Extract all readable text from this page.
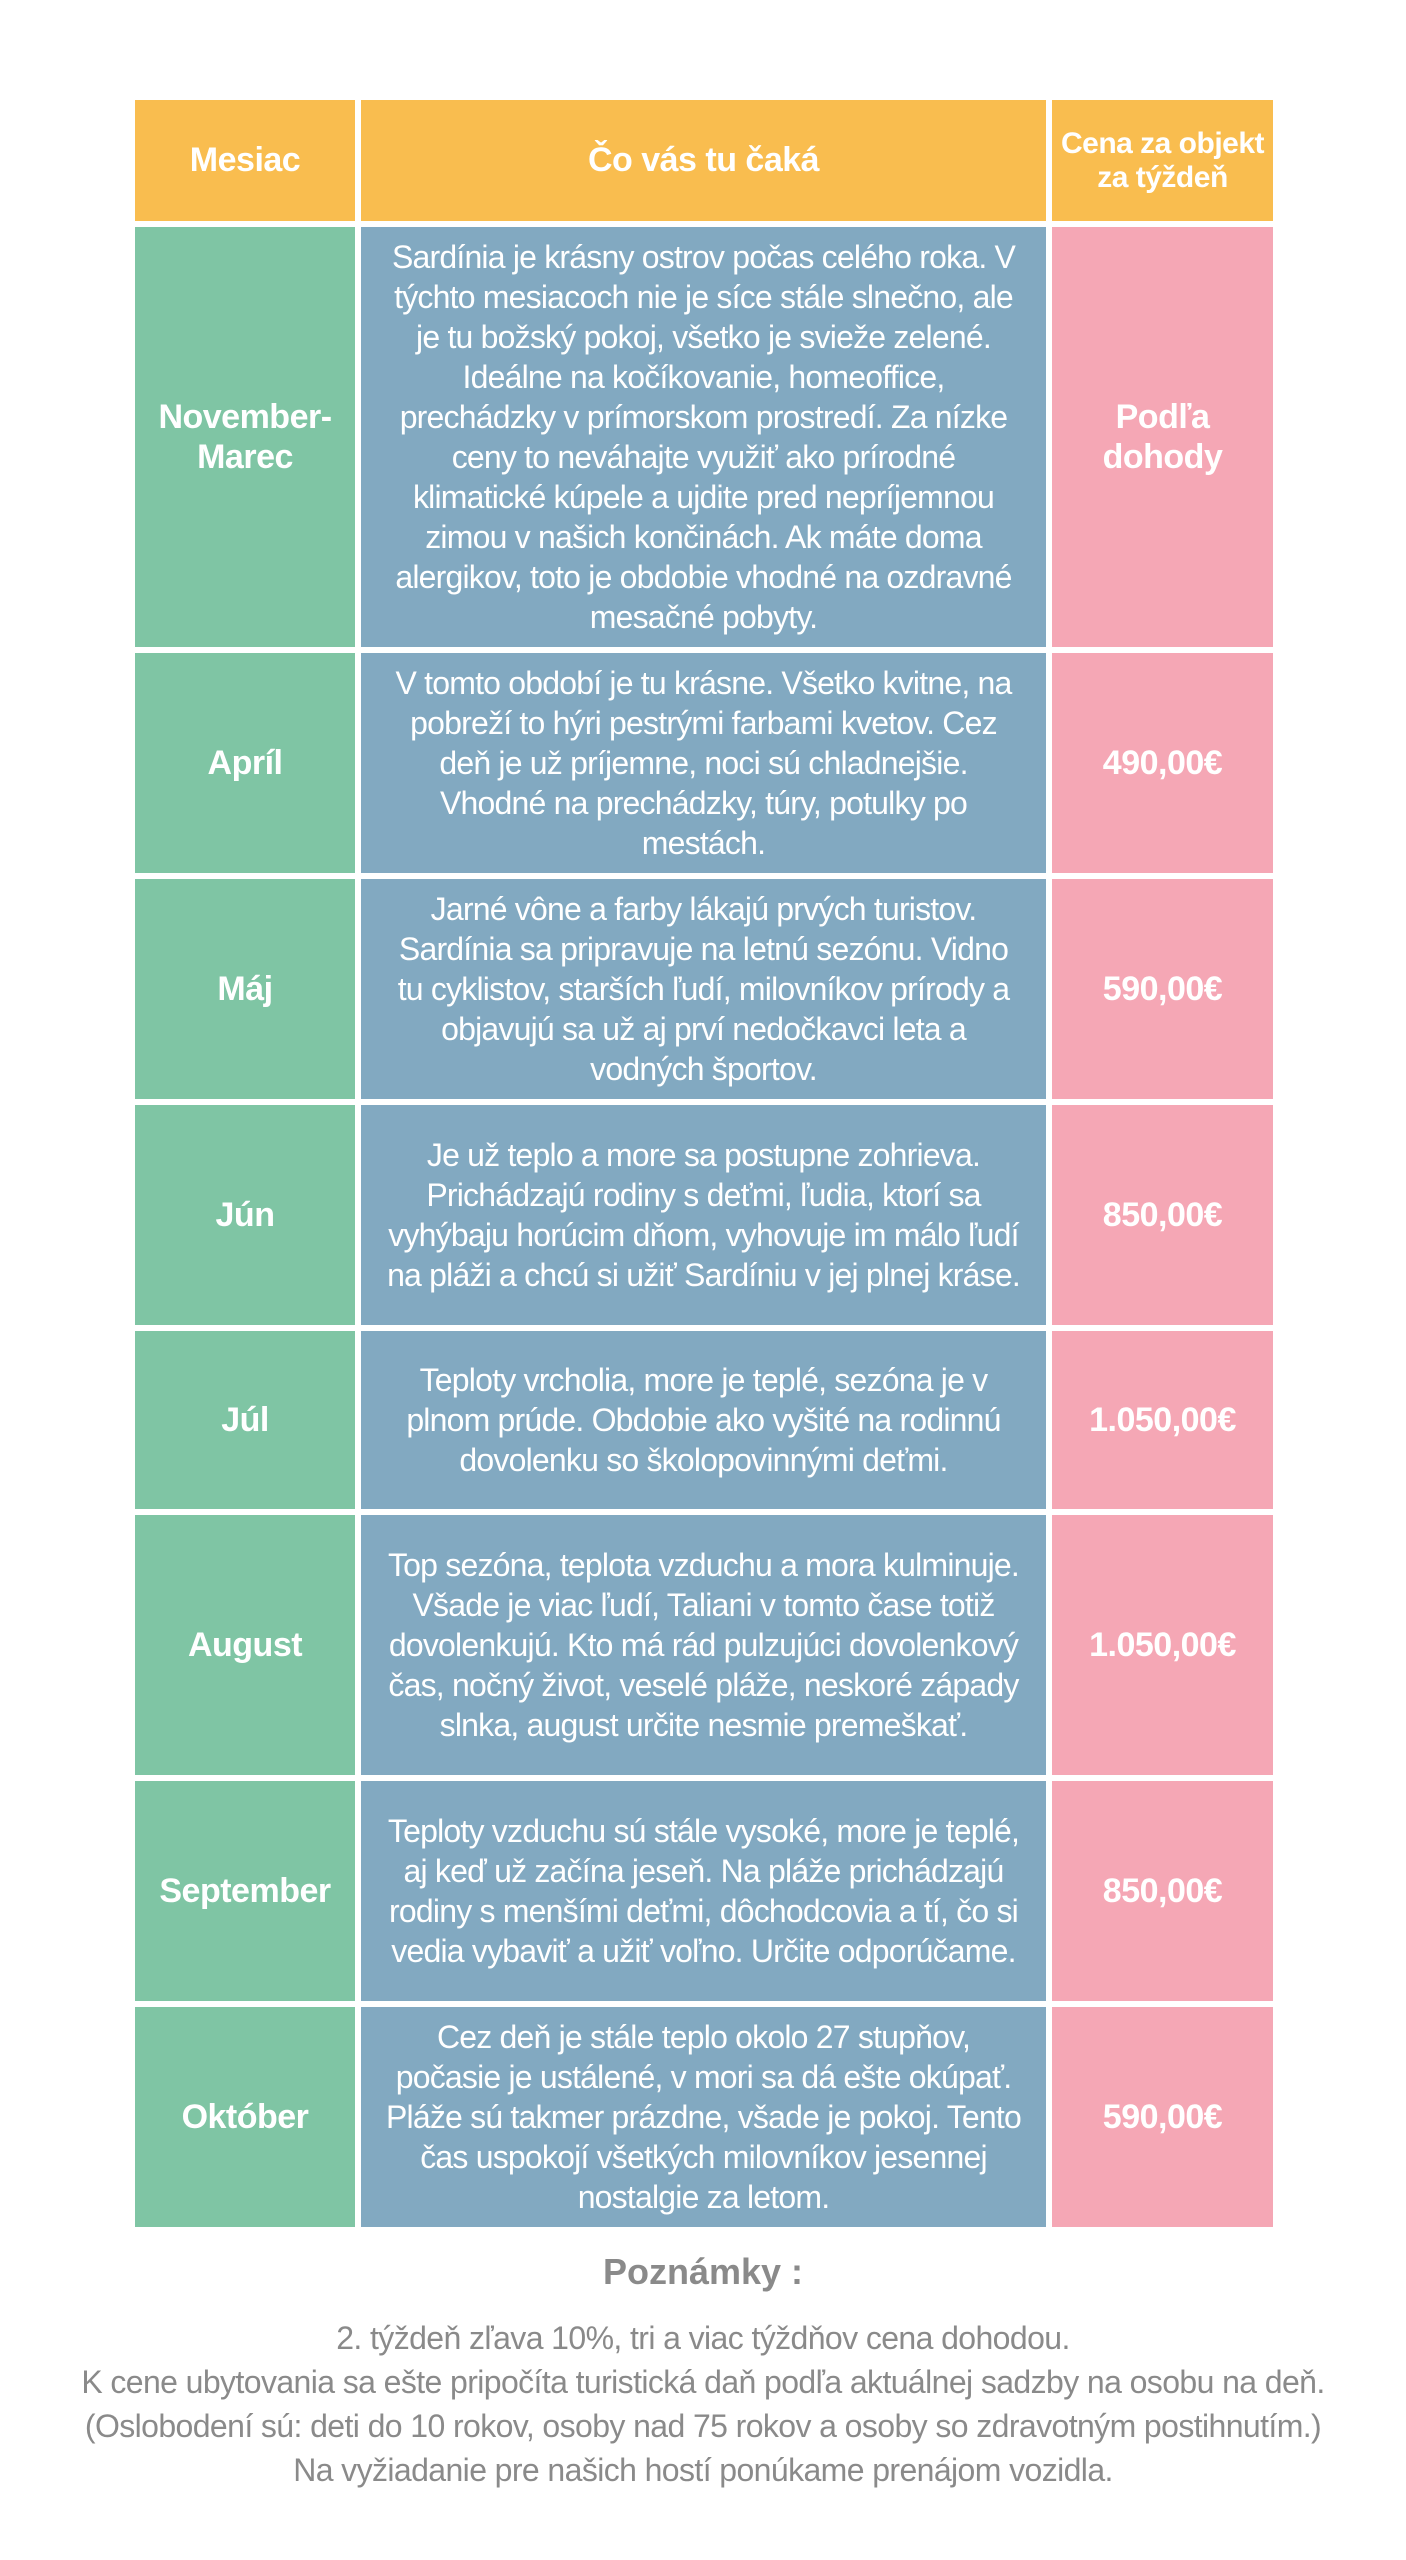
Mesiac	Čo vás tu čaká	Cena za objekt za týždeň
November-Marec
Sardínia je krásny ostrov počas celého roka. V týchto mesiacoch nie je síce stále slnečno, ale je tu božský pokoj, všetko je svieže zelené. Ideálne na kočíkovanie, homeoffice, prechádzky v prímorskom prostredí. Za nízke ceny to neváhajte využiť ako prírodné klimatické kúpele a ujdite pred nepríjemnou zimou v našich končinách. Ak máte doma alergikov, toto je obdobie vhodné na ozdravné mesačné pobyty.
Podľa dohody
Apríl
V tomto období je tu krásne. Všetko kvitne, na pobreží to hýri pestrými farbami kvetov. Cez deň je už príjemne, noci sú chladnejšie. Vhodné na prechádzky, túry, potulky po mestách.
490,00€
Máj
Jarné vône a farby lákajú prvých turistov. Sardínia sa pripravuje na letnú sezónu. Vidno tu cyklistov, starších ľudí, milovníkov prírody a objavujú sa už aj prví nedočkavci leta a vodných športov.
590,00€
Jún
Je už teplo a more sa postupne zohrieva. Prichádzajú rodiny s deťmi, ľudia, ktorí sa vyhýbaju horúcim dňom, vyhovuje im málo ľudí na pláži a chcú si užiť Sardíniu v jej plnej kráse.
850,00€
Júl
Teploty vrcholia, more je teplé, sezóna je v plnom prúde. Obdobie ako vyšité na rodinnú dovolenku so školopovinnými deťmi.
1.050,00€
August
Top sezóna, teplota vzduchu a mora kulminuje. Všade je viac ľudí, Taliani v tomto čase totiž dovolenkujú. Kto má rád pulzujúci dovolenkový čas, nočný život, veselé pláže, neskoré západy slnka, august určite nesmie premeškať.
1.050,00€
September
Teploty vzduchu sú stále vysoké, more je teplé, aj keď už začína jeseň. Na pláže prichádzajú rodiny s menšími deťmi, dôchodcovia a tí, čo si vedia vybaviť a užiť voľno. Určite odporúčame.
850,00€
Október
Cez deň je stále teplo okolo 27 stupňov, počasie je ustálené, v mori sa dá ešte okúpať. Pláže sú takmer prázdne, všade je pokoj. Tento čas uspokojí všetkých milovníkov jesennej nostalgie za letom.
590,00€
Poznámky :
2. týždeň zľava 10%, tri a viac týždňov cena dohodou.
K cene ubytovania sa ešte pripočíta turistická daň podľa aktuálnej sadzby na osobu na deň.
(Oslobodení sú: deti do 10 rokov, osoby nad 75 rokov a osoby so zdravotným postihnutím.)
Na vyžiadanie pre našich hostí ponúkame prenájom vozidla.
